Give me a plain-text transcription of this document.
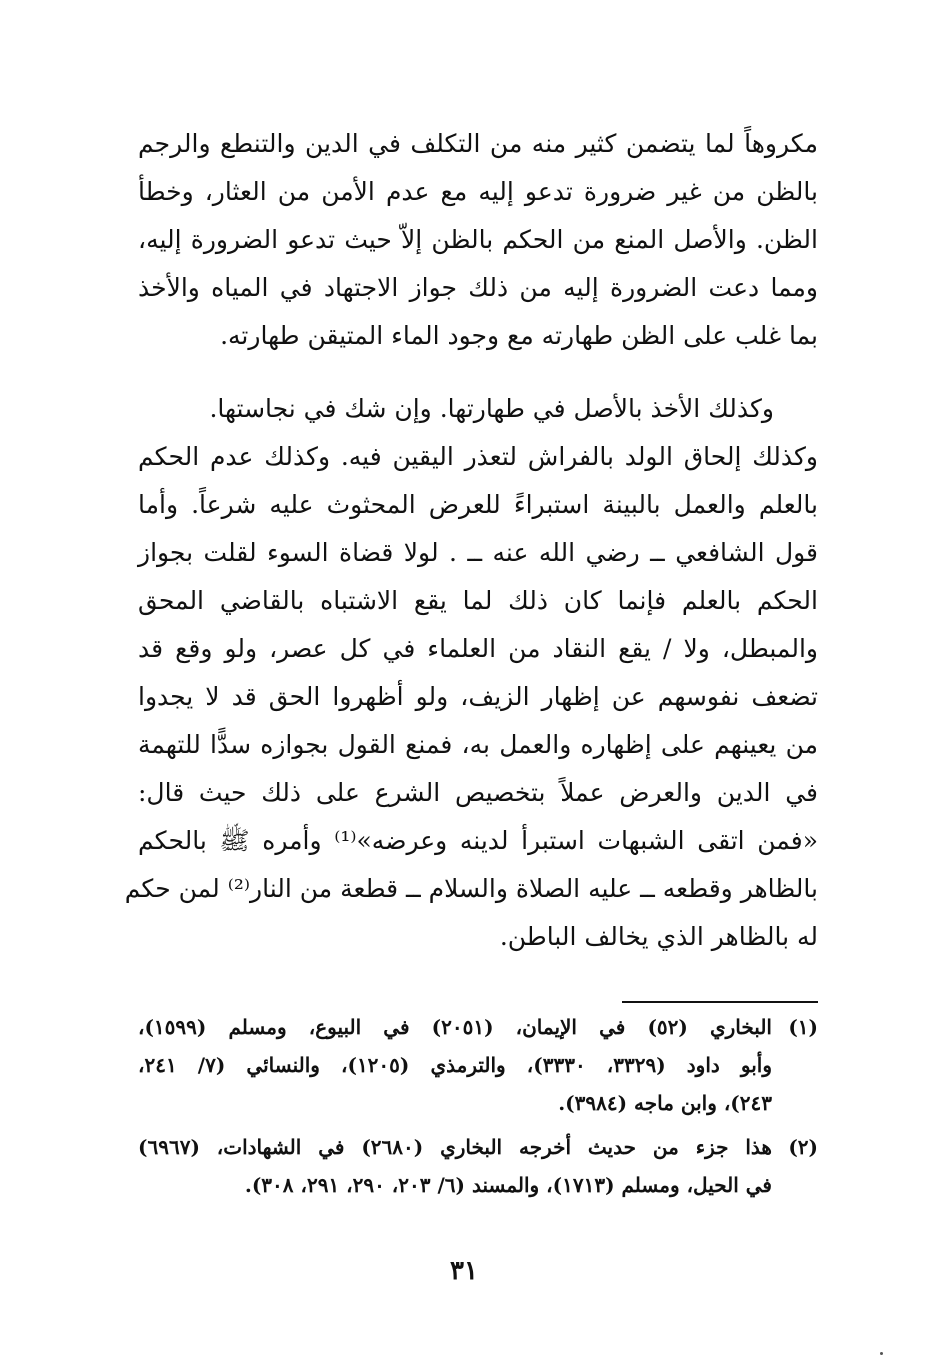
مكروهاً لما يتضمن كثير منه من التكلف في الدين والتنطع والرجم
بالظن من غير ضرورة تدعو إليه مع عدم الأمن من العثار، وخطأ
الظن. والأصل المنع من الحكم بالظن إلاّ حيث تدعو الضرورة إليه،
ومما دعت الضرورة إليه من ذلك جواز الاجتهاد في المياه والأخذ
بما غلب على الظن طهارته مع وجود الماء المتيقن طهارته.
وكذلك الأخذ بالأصل في طهارتها. وإن شك في نجاستها.
وكذلك إلحاق الولد بالفراش لتعذر اليقين فيه. وكذلك عدم الحكم
بالعلم والعمل بالبينة استبراءً للعرض المحثوث عليه شرعاً. وأما
قول الشافعي ــ رضي الله عنه ــ . لولا قضاة السوء لقلت بجواز
الحكم بالعلم فإنما كان ذلك لما يقع الاشتباه بالقاضي المحق
والمبطل، ولا / يقع النقاد من العلماء في كل عصر، ولو وقع قد
تضعف نفوسهم عن إظهار الزيف، ولو أظهروا الحق قد لا يجدوا
من يعينهم على إظهاره والعمل به، فمنع القول بجوازه سدًّا للتهمة
في الدين والعرض عملاً بتخصيص الشرع على ذلك حيث قال:
«فمن اتقى الشبهات استبرأ لدينه وعرضه»⁽¹⁾ وأمره ﷺ بالحكم
بالظاهر وقطعه ــ عليه الصلاة والسلام ــ قطعة من النار⁽²⁾ لمن حكم
له بالظاهر الذي يخالف الباطن.
(١)
البخاري (٥٢) في الإيمان، (٢٠٥١) في البيوع، ومسلم (١٥٩٩)،
وأبو داود (٣٣٢٩، ٣٣٣٠)، والترمذي (١٢٠٥)، والنسائي (٧/ ٢٤١،
٢٤٣)، وابن ماجه (٣٩٨٤).
(٢)
هذا جزء من حديث أخرجه البخاري (٢٦٨٠) في الشهادات، (٦٩٦٧)
في الحيل، ومسلم (١٧١٣)، والمسند (٦/ ٢٠٣، ٢٩٠، ٢٩١، ٣٠٨).
٣١
